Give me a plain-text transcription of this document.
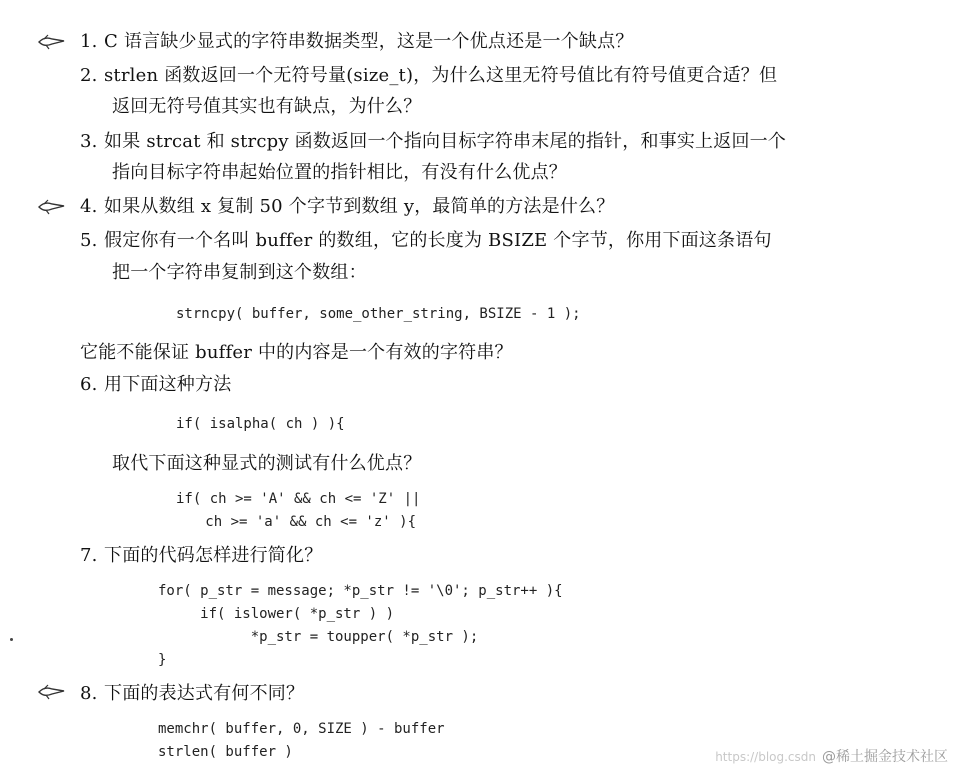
1. C 语言缺少显式的字符串数据类型，这是一个优点还是一个缺点？
2. strlen 函数返回一个无符号量(size_t)，为什么这里无符号值比有符号值更合适？但
返回无符号值其实也有缺点，为什么？
3. 如果 strcat 和 strcpy 函数返回一个指向目标字符串末尾的指针，和事实上返回一个
指向目标字符串起始位置的指针相比，有没有什么优点？
4. 如果从数组 x 复制 50 个字节到数组 y，最简单的方法是什么？
5. 假定你有一个名叫 buffer 的数组，它的长度为 BSIZE 个字节，你用下面这条语句
把一个字符串复制到这个数组：
strncpy( buffer, some_other_string, BSIZE - 1 );
它能不能保证 buffer 中的内容是一个有效的字符串？
6. 用下面这种方法
if( isalpha( ch ) ){
取代下面这种显式的测试有什么优点？
if( ch >= 'A' && ch <= 'Z' ||
ch >= 'a' && ch <= 'z' ){
7. 下面的代码怎样进行简化？
for( p_str = message; *p_str != '\0'; p_str++ ){
if( islower( *p_str ) )
*p_str = toupper( *p_str );
}
8. 下面的表达式有何不同？
memchr( buffer, 0, SIZE ) - buffer
strlen( buffer )	https://blog.csdn @稀土掘金技术社区
